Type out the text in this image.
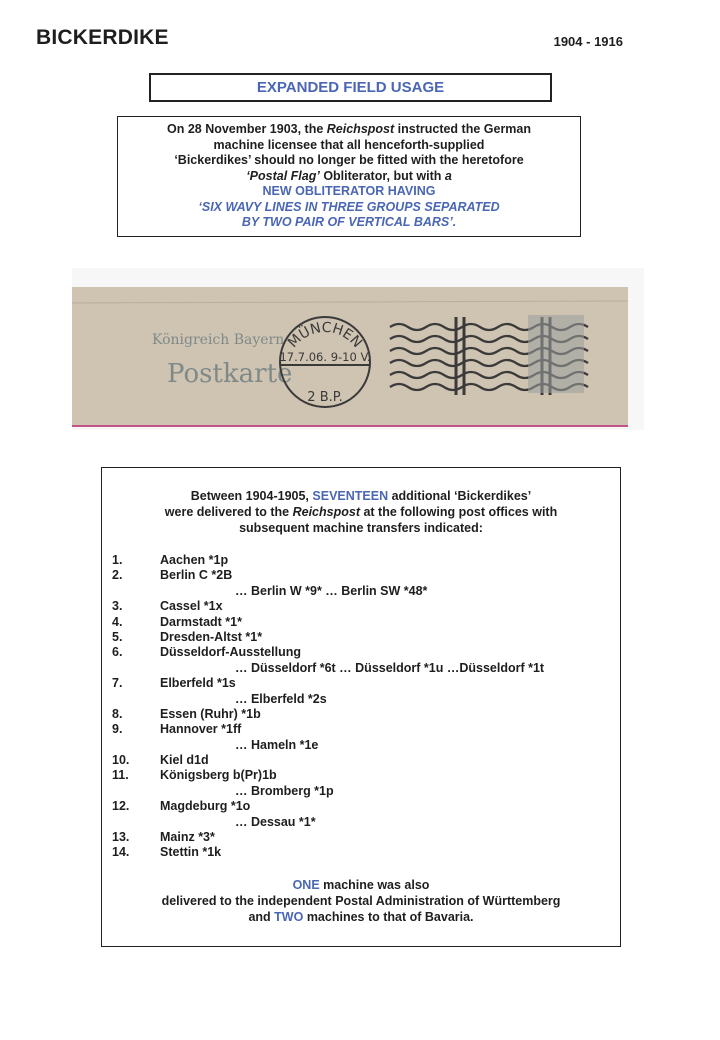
BICKERDIKE	1904 - 1916
EXPANDED FIELD USAGE
On 28 November 1903, the Reichspost instructed the German
machine licensee that all henceforth-supplied
‘Bickerdikes’ should no longer be fitted with the heretofore
‘Postal Flag’ Obliterator, but with a
NEW OBLITERATOR HAVING
‘SIX WAVY LINES IN THREE GROUPS SEPARATED
BY TWO PAIR OF VERTICAL BARS’.
Königreich Bayern
Postkarte
MÜNCHEN
17.7.06. 9-10 V.
2 B.P.
Between 1904-1905, SEVENTEEN additional ‘Bickerdikes’
were delivered to the Reichspost at the following post offices with
subsequent machine transfers indicated:
1.	Aachen *1p
2.	Berlin C *2B
… Berlin W *9* … Berlin SW *48*
3.	Cassel *1x
4.	Darmstadt *1*
5.	Dresden-Altst *1*
6.	Düsseldorf-Ausstellung
… Düsseldorf *6t … Düsseldorf *1u …Düsseldorf *1t
7.	Elberfeld *1s
… Elberfeld *2s
8.	Essen (Ruhr) *1b
9.	Hannover *1ff
… Hameln *1e
10. Kiel d1d
11.	Königsberg b(Pr)1b
… Bromberg *1p
12. Magdeburg *1o
… Dessau *1*
13. Mainz *3*
14. Stettin *1k
ONE machine was also
delivered to the independent Postal Administration of Württemberg
and TWO machines to that of Bavaria.
